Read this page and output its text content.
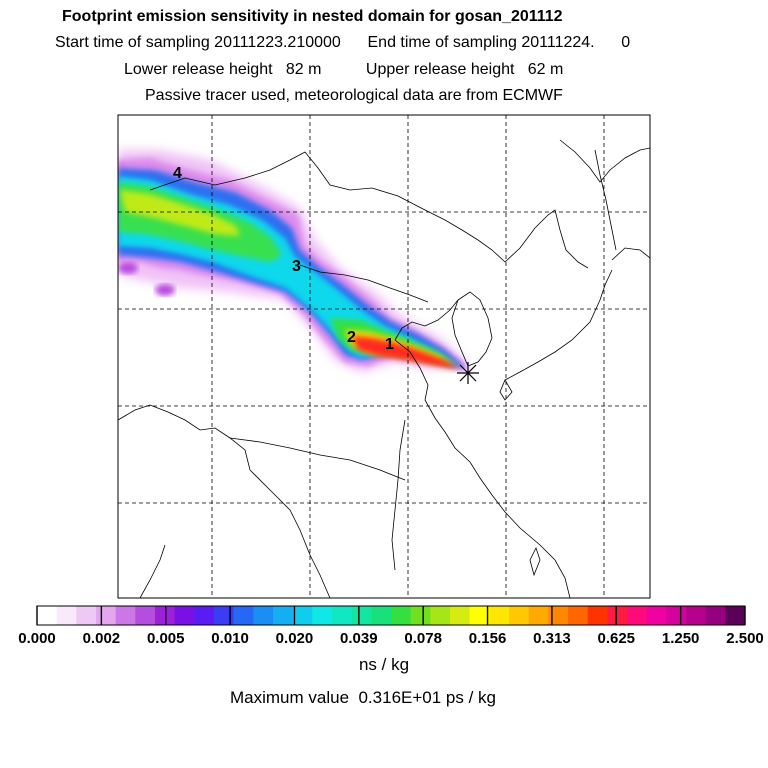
Footprint emission sensitivity in nested domain for gosan_201112
Start time of sampling 20111223.210000      End time of sampling 20111224.      0
Lower release height   82 m          Upper release height   62 m
Passive tracer used, meteorological data are from ECMWF
4
3
2 1
0.000 0.002 0.005 0.010 0.020 0.039 0.078 0.156 0.313 0.625 1.250 2.500
ns / kg
Maximum value  0.316E+01 ps / kg
